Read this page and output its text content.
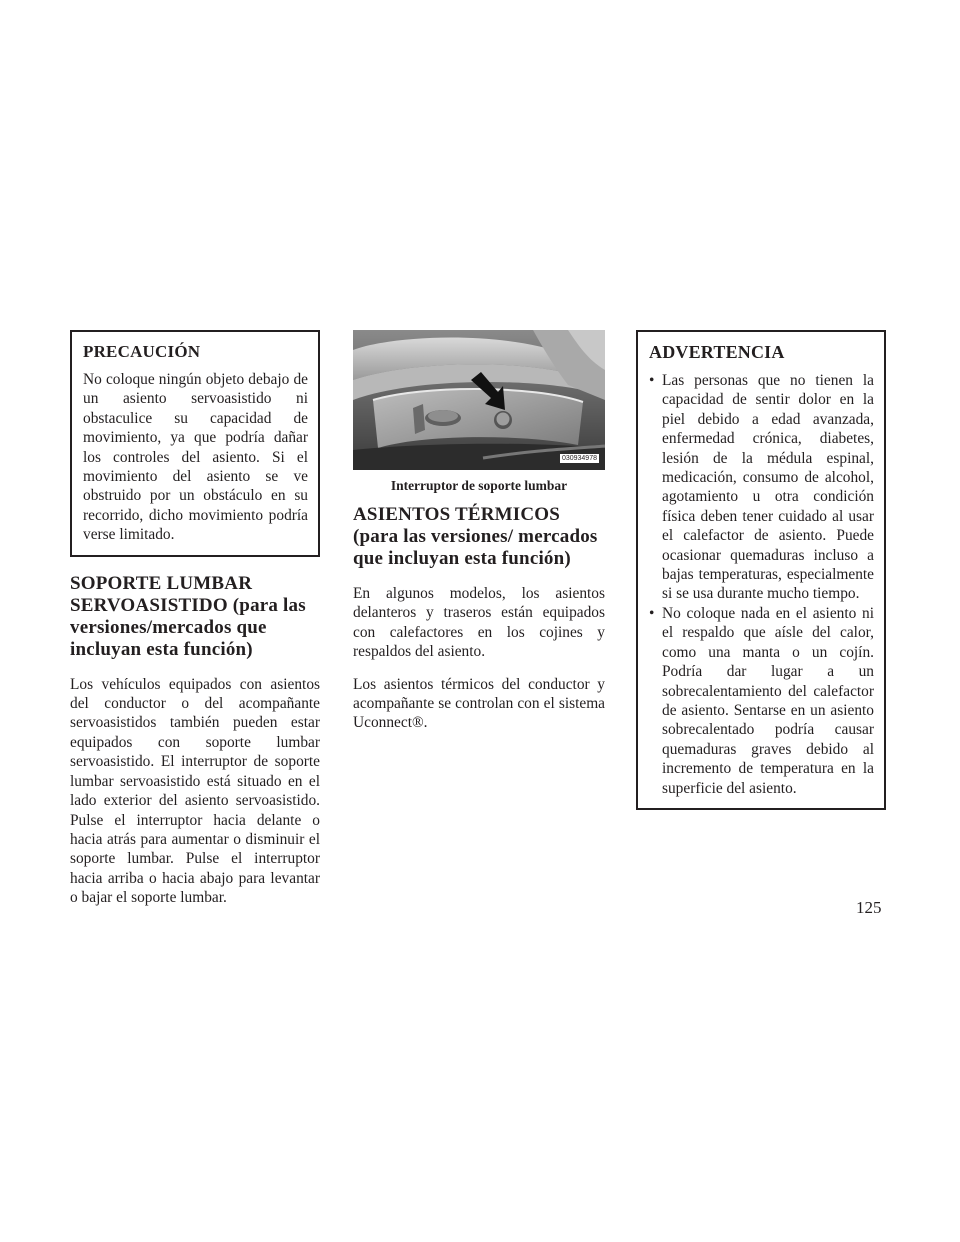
PRECAUCIÓN

No coloque ningún objeto debajo de un asiento servoasistido ni obstaculice su capacidad de movimiento, ya que podría dañar los controles del asiento. Si el movimiento del asiento se ve obstruido por un obstáculo en su recorrido, dicho movimiento podría verse limitado.

SOPORTE LUMBAR SERVOASISTIDO (para las versiones/mercados que incluyan esta función)

Los vehículos equipados con asientos del conductor o del acompañante servoasistidos también pueden estar equipados con soporte lumbar servoasistido. El interruptor de soporte lumbar servoasistido está situado en el lado exterior del asiento servoasistido. Pulse el interruptor hacia delante o hacia atrás para aumentar o disminuir el soporte lumbar. Pulse el interruptor hacia arriba o hacia abajo para levantar o bajar el soporte lumbar.

030934978
Interruptor de soporte lumbar
ASIENTOS TÉRMICOS (para las versiones/ mercados que incluyan esta función)

En algunos modelos, los asientos delanteros y traseros están equipados con calefactores en los cojines y respaldos del asiento.

Los asientos térmicos del conductor y acompañante se controlan con el sistema Uconnect®.

ADVERTENCIA
• Las personas que no tienen la capacidad de sentir dolor en la piel debido a edad avanzada, enfermedad crónica, diabetes, lesión de la médula espinal, medicación, consumo de alcohol, agotamiento u otra condición física deben tener cuidado al usar el calefactor de asiento. Puede ocasionar quemaduras incluso a bajas temperaturas, especialmente si se usa durante mucho tiempo.
• No coloque nada en el asiento ni el respaldo que aísle del calor, como una manta o un cojín. Podría dar lugar a un sobrecalentamiento del calefactor de asiento. Sentarse en un asiento sobrecalentado podría causar quemaduras graves debido al incremento de temperatura en la superficie del asiento.
125
